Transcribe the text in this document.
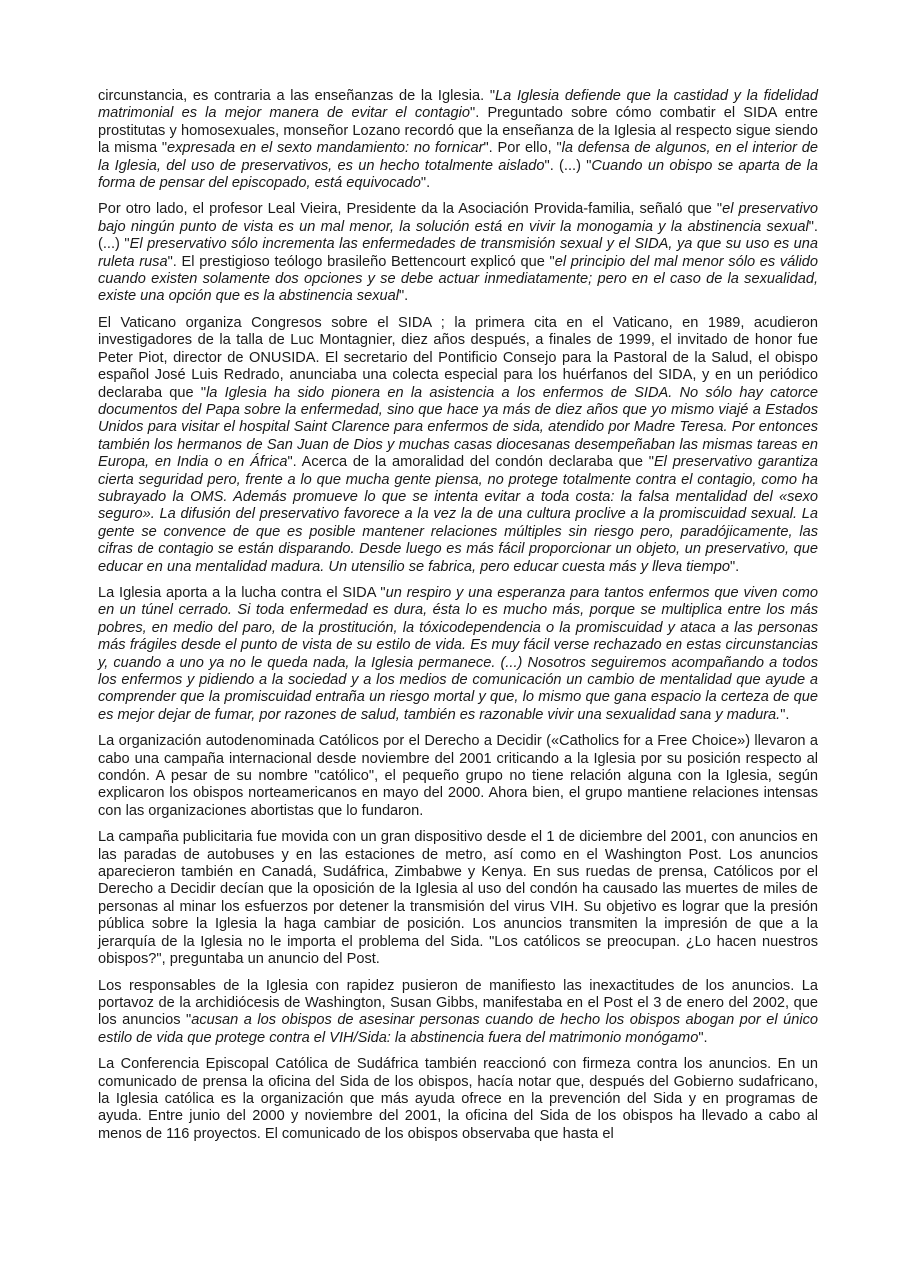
circunstancia, es contraria a las enseñanzas de la Iglesia. "La Iglesia defiende que la castidad y la fidelidad matrimonial es la mejor manera de evitar el contagio". Preguntado sobre cómo combatir el SIDA entre prostitutas y homosexuales, monseñor Lozano recordó que la enseñanza de la Iglesia al respecto sigue siendo la misma "expresada en el sexto mandamiento: no fornicar". Por ello, "la defensa de algunos, en el interior de la Iglesia, del uso de preservativos, es un hecho totalmente aislado". (...) "Cuando un obispo se aparta de la forma de pensar del episcopado, está equivocado".

Por otro lado, el profesor Leal Vieira, Presidente da la Asociación Provida-familia, señaló que "el preservativo bajo ningún punto de vista es un mal menor, la solución está en vivir la monogamia y la abstinencia sexual". (...) "El preservativo sólo incrementa las enfermedades de transmisión sexual y el SIDA, ya que su uso es una ruleta rusa". El prestigioso teólogo brasileño Bettencourt explicó que "el principio del mal menor sólo es válido cuando existen solamente dos opciones y se debe actuar inmediatamente; pero en el caso de la sexualidad, existe una opción que es la abstinencia sexual".

El Vaticano organiza Congresos sobre el SIDA ; la primera cita en el Vaticano, en 1989, acudieron investigadores de la talla de Luc Montagnier, diez años después, a finales de 1999, el invitado de honor fue Peter Piot, director de ONUSIDA. El secretario del Pontificio Consejo para la Pastoral de la Salud, el obispo español José Luis Redrado, anunciaba una colecta especial para los huérfanos del SIDA, y en un periódico declaraba que "la Iglesia ha sido pionera en la asistencia a los enfermos de SIDA. No sólo hay catorce documentos del Papa sobre la enfermedad, sino que hace ya más de diez años que yo mismo viajé a Estados Unidos para visitar el hospital Saint Clarence para enfermos de sida, atendido por Madre Teresa. Por entonces también los hermanos de San Juan de Dios y muchas casas diocesanas desempeñaban las mismas tareas en Europa, en India o en África". Acerca de la amoralidad del condón declaraba que "El preservativo garantiza cierta seguridad pero, frente a lo que mucha gente piensa, no protege totalmente contra el contagio, como ha subrayado la OMS. Además promueve lo que se intenta evitar a toda costa: la falsa mentalidad del «sexo seguro». La difusión del preservativo favorece a la vez la de una cultura proclive a la promiscuidad sexual. La gente se convence de que es posible mantener relaciones múltiples sin riesgo pero, paradójicamente, las cifras de contagio se están disparando. Desde luego es más fácil proporcionar un objeto, un preservativo, que educar en una mentalidad madura. Un utensilio se fabrica, pero educar cuesta más y lleva tiempo".

La Iglesia aporta a la lucha contra el SIDA "un respiro y una esperanza para tantos enfermos que viven como en un túnel cerrado. Si toda enfermedad es dura, ésta lo es mucho más, porque se multiplica entre los más pobres, en medio del paro, de la prostitución, la tóxicodependencia o la promiscuidad y ataca a las personas más frágiles desde el punto de vista de su estilo de vida. Es muy fácil verse rechazado en estas circunstancias y, cuando a uno ya no le queda nada, la Iglesia permanece. (...) Nosotros seguiremos acompañando a todos los enfermos y pidiendo a la sociedad y a los medios de comunicación un cambio de mentalidad que ayude a comprender que la promiscuidad entraña un riesgo mortal y que, lo mismo que gana espacio la certeza de que es mejor dejar de fumar, por razones de salud, también es razonable vivir una sexualidad sana y madura.".

La organización autodenominada Católicos por el Derecho a Decidir («Catholics for a Free Choice») llevaron a cabo una campaña internacional desde noviembre del 2001 criticando a la Iglesia por su posición respecto al condón. A pesar de su nombre "católico", el pequeño grupo no tiene relación alguna con la Iglesia, según explicaron los obispos norteamericanos en mayo del 2000. Ahora bien, el grupo mantiene relaciones intensas con las organizaciones abortistas que lo fundaron.

La campaña publicitaria fue movida con un gran dispositivo desde el 1 de diciembre del 2001, con anuncios en las paradas de autobuses y en las estaciones de metro, así como en el Washington Post. Los anuncios aparecieron también en Canadá, Sudáfrica, Zimbabwe y Kenya. En sus ruedas de prensa, Católicos por el Derecho a Decidir decían que la oposición de la Iglesia al uso del condón ha causado las muertes de miles de personas al minar los esfuerzos por detener la transmisión del virus VIH. Su objetivo es lograr que la presión pública sobre la Iglesia la haga cambiar de posición. Los anuncios transmiten la impresión de que a la jerarquía de la Iglesia no le importa el problema del Sida. "Los católicos se preocupan. ¿Lo hacen nuestros obispos?", preguntaba un anuncio del Post.

Los responsables de la Iglesia con rapidez pusieron de manifiesto las inexactitudes de los anuncios. La portavoz de la archidiócesis de Washington, Susan Gibbs, manifestaba en el Post el 3 de enero del 2002, que los anuncios "acusan a los obispos de asesinar personas cuando de hecho los obispos abogan por el único estilo de vida que protege contra el VIH/Sida: la abstinencia fuera del matrimonio monógamo".

La Conferencia Episcopal Católica de Sudáfrica también reaccionó con firmeza contra los anuncios. En un comunicado de prensa la oficina del Sida de los obispos, hacía notar que, después del Gobierno sudafricano, la Iglesia católica es la organización que más ayuda ofrece en la prevención del Sida y en programas de ayuda. Entre junio del 2000 y noviembre del 2001, la oficina del Sida de los obispos ha llevado a cabo al menos de 116 proyectos. El comunicado de los obispos observaba que hasta el
